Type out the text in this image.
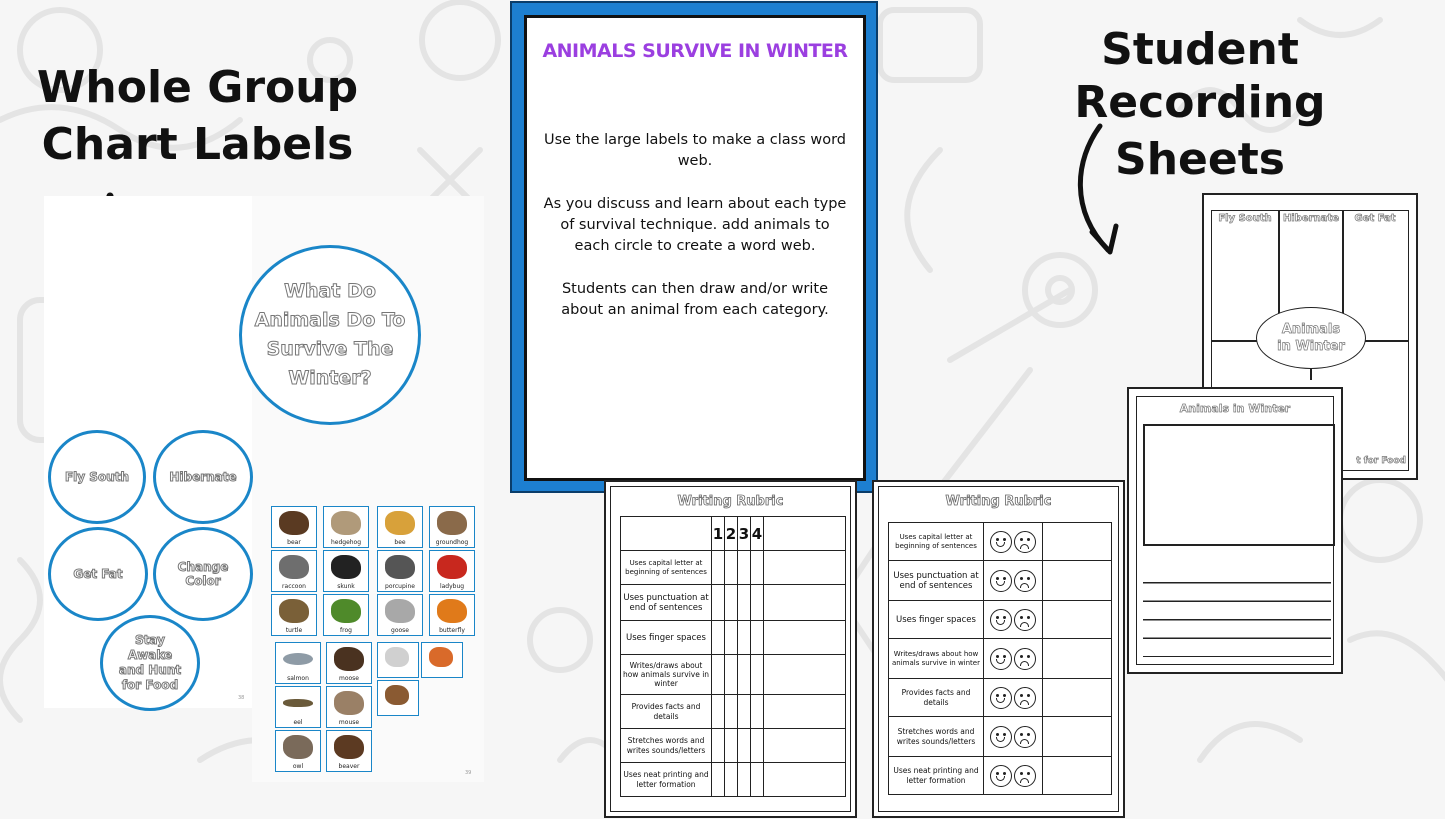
Whole Group
Chart Labels
Student Recording
Sheets
What Do Animals Do To Survive The Winter?
Fly South	Hibernate
Get Fat	Change Color
Stay Awake and Hunt for Food
38
39
bear	hedgehog	bee	groundhog
raccoon	skunk	porcupine	ladybug
turtle	frog	goose	butterfly
salmon	moose
eel	mouse
owl	beaver
ANIMALS SURVIVE IN WINTER
Use the large labels to make a class word web.
As you discuss and learn about each type of survival technique. add animals to each circle to create a word web.
Students can then draw and/or write about an animal from each category.
Writing Rubric
	1	2	3	4	
Uses capital letter at beginning of sentences					
Uses punctuation at end of sentences					
Uses finger spaces					
Writes/draws about how animals survive in winter					
Provides facts and details					
Stretches words and writes sounds/letters					
Uses neat printing and letter formation					
Writing Rubric
Uses capital letter at beginning of sentences	

Uses punctuation at end of sentences	

Uses finger spaces	

Writes/draws about how animals survive in winter	

Provides facts and details	

Stretches words and writes sounds/letters	

Uses neat printing and letter formation	

Fly South	Hibernate	Get Fat
Animals in Winter
t for Food
Animals in Winter
